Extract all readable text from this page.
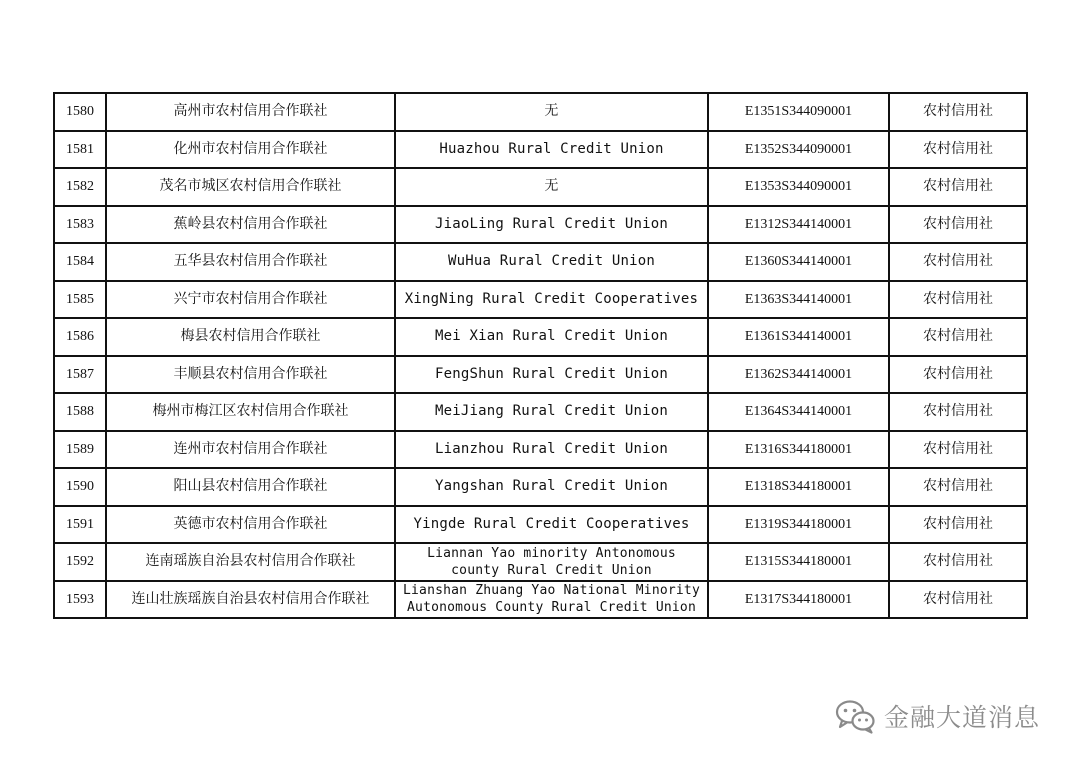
1580	高州市农村信用合作联社	无	E1351S344090001	农村信用社
1581	化州市农村信用合作联社	Huazhou Rural Credit Union	E1352S344090001	农村信用社
1582	茂名市城区农村信用合作联社	无	E1353S344090001	农村信用社
1583	蕉岭县农村信用合作联社	JiaoLing Rural Credit Union	E1312S344140001	农村信用社
1584	五华县农村信用合作联社	WuHua Rural Credit Union	E1360S344140001	农村信用社
1585	兴宁市农村信用合作联社	XingNing Rural Credit Cooperatives	E1363S344140001	农村信用社
1586	梅县农村信用合作联社	Mei Xian Rural Credit Union	E1361S344140001	农村信用社
1587	丰顺县农村信用合作联社	FengShun Rural Credit Union	E1362S344140001	农村信用社
1588	梅州市梅江区农村信用合作联社	MeiJiang Rural Credit Union	E1364S344140001	农村信用社
1589	连州市农村信用合作联社	Lianzhou Rural Credit Union	E1316S344180001	农村信用社
1590	阳山县农村信用合作联社	Yangshan Rural Credit Union	E1318S344180001	农村信用社
1591	英德市农村信用合作联社	Yingde Rural Credit Cooperatives	E1319S344180001	农村信用社
1592	连南瑶族自治县农村信用合作联社	Liannan Yao minority Antonomous county Rural Credit Union	E1315S344180001	农村信用社
1593	连山壮族瑶族自治县农村信用合作联社	Lianshan Zhuang Yao National Minority Autonomous County Rural Credit Union	E1317S344180001	农村信用社
金融大道消息
